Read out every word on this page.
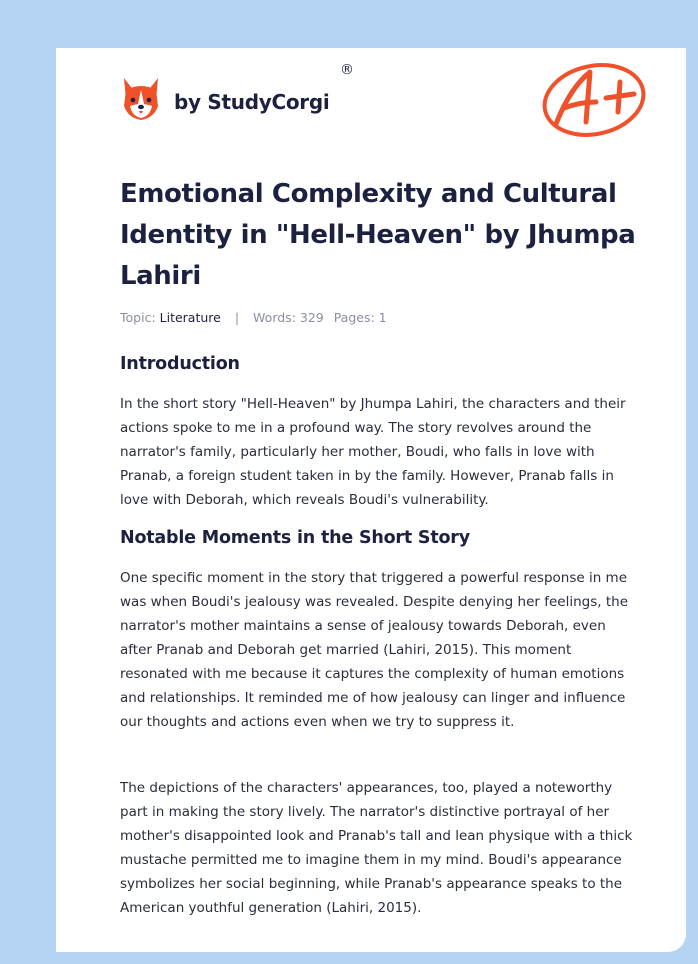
by StudyCorgi
®
Emotional Complexity and Cultural Identity in "Hell-Heaven" by Jhumpa Lahiri
Topic: Literature | Words: 329 Pages: 1
Introduction

In the short story "Hell-Heaven" by Jhumpa Lahiri, the characters and their actions spoke to me in a profound way. The story revolves around the narrator's family, particularly her mother, Boudi, who falls in love with Pranab, a foreign student taken in by the family. However, Pranab falls in love with Deborah, which reveals Boudi's vulnerability.

Notable Moments in the Short Story

One specific moment in the story that triggered a powerful response in me was when Boudi's jealousy was revealed. Despite denying her feelings, the narrator's mother maintains a sense of jealousy towards Deborah, even after Pranab and Deborah get married (Lahiri, 2015). This moment resonated with me because it captures the complexity of human emotions and relationships. It reminded me of how jealousy can linger and influence our thoughts and actions even when we try to suppress it.

The depictions of the characters' appearances, too, played a noteworthy part in making the story lively. The narrator's distinctive portrayal of her mother's disappointed look and Pranab's tall and lean physique with a thick mustache permitted me to imagine them in my mind. Boudi's appearance symbolizes her social beginning, while Pranab's appearance speaks to the American youthful generation (Lahiri, 2015).
